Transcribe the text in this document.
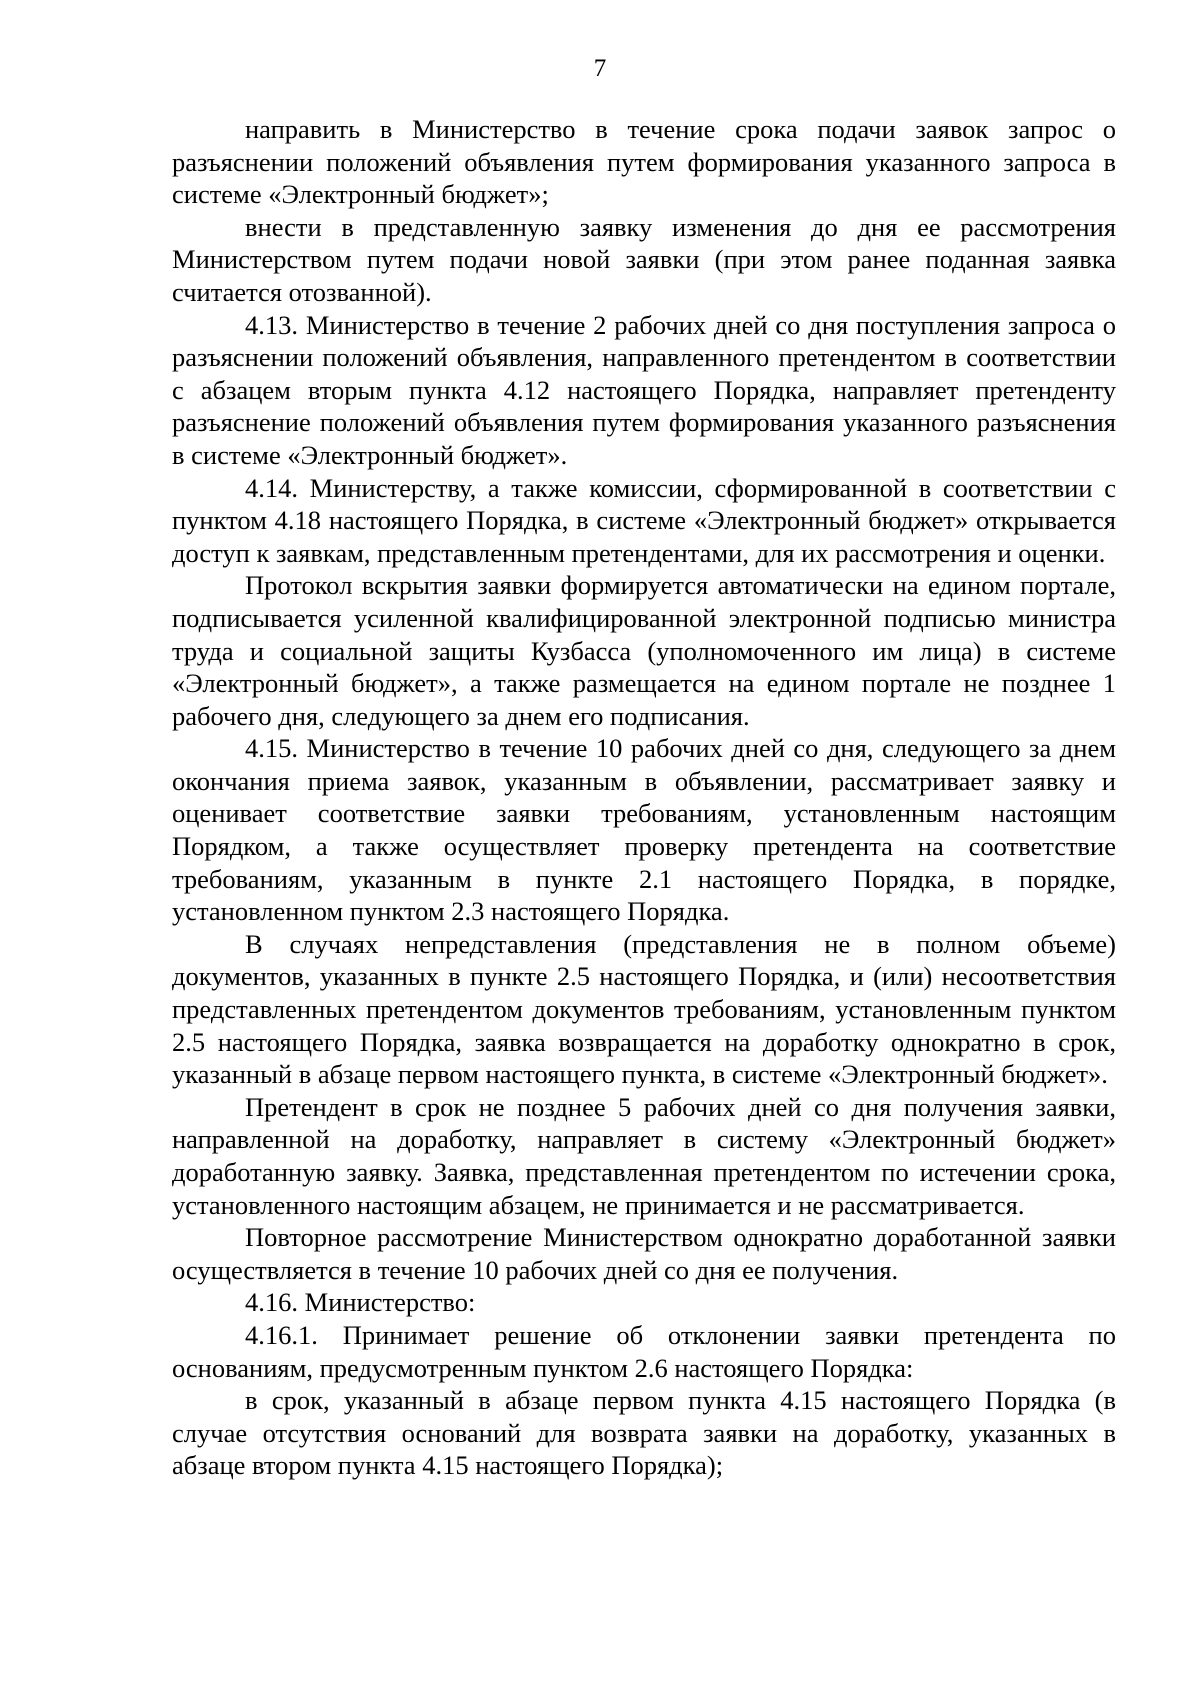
7

направить в Министерство в течение срока подачи заявок запрос о разъяснении положений объявления путем формирования указанного запроса в системе «Электронный бюджет»;

внести в представленную заявку изменения до дня ее рассмотрения Министерством путем подачи новой заявки (при этом ранее поданная заявка считается отозванной).

4.13. Министерство в течение 2 рабочих дней со дня поступления запроса о разъяснении положений объявления, направленного претендентом в соответствии с абзацем вторым пункта 4.12 настоящего Порядка, направляет претенденту разъяснение положений объявления путем формирования указанного разъяснения в системе «Электронный бюджет».

4.14. Министерству, а также комиссии, сформированной в соответствии с пунктом 4.18 настоящего Порядка, в системе «Электронный бюджет» открывается доступ к заявкам, представленным претендентами, для их рассмотрения и оценки.

Протокол вскрытия заявки формируется автоматически на едином портале, подписывается усиленной квалифицированной электронной подписью министра труда и социальной защиты Кузбасса (уполномоченного им лица) в системе «Электронный бюджет», а также размещается на едином портале не позднее 1 рабочего дня, следующего за днем его подписания.

4.15. Министерство в течение 10 рабочих дней со дня, следующего за днем окончания приема заявок, указанным в объявлении, рассматривает заявку и оценивает соответствие заявки требованиям, установленным настоящим Порядком, а также осуществляет проверку претендента на соответствие требованиям, указанным в пункте 2.1 настоящего Порядка, в порядке, установленном пунктом 2.3 настоящего Порядка.

В случаях непредставления (представления не в полном объеме) документов, указанных в пункте 2.5 настоящего Порядка, и (или) несоответствия представленных претендентом документов требованиям, установленным пунктом 2.5 настоящего Порядка, заявка возвращается на доработку однократно в срок, указанный в абзаце первом настоящего пункта, в системе «Электронный бюджет».

Претендент в срок не позднее 5 рабочих дней со дня получения заявки, направленной на доработку, направляет в систему «Электронный бюджет» доработанную заявку. Заявка, представленная претендентом по истечении срока, установленного настоящим абзацем, не принимается и не рассматривается.

Повторное рассмотрение Министерством однократно доработанной заявки осуществляется в течение 10 рабочих дней со дня ее получения.

4.16. Министерство:

4.16.1. Принимает решение об отклонении заявки претендента по основаниям, предусмотренным пунктом 2.6 настоящего Порядка:

в срок, указанный в абзаце первом пункта 4.15 настоящего Порядка (в случае отсутствия оснований для возврата заявки на доработку, указанных в абзаце втором пункта 4.15 настоящего Порядка);
